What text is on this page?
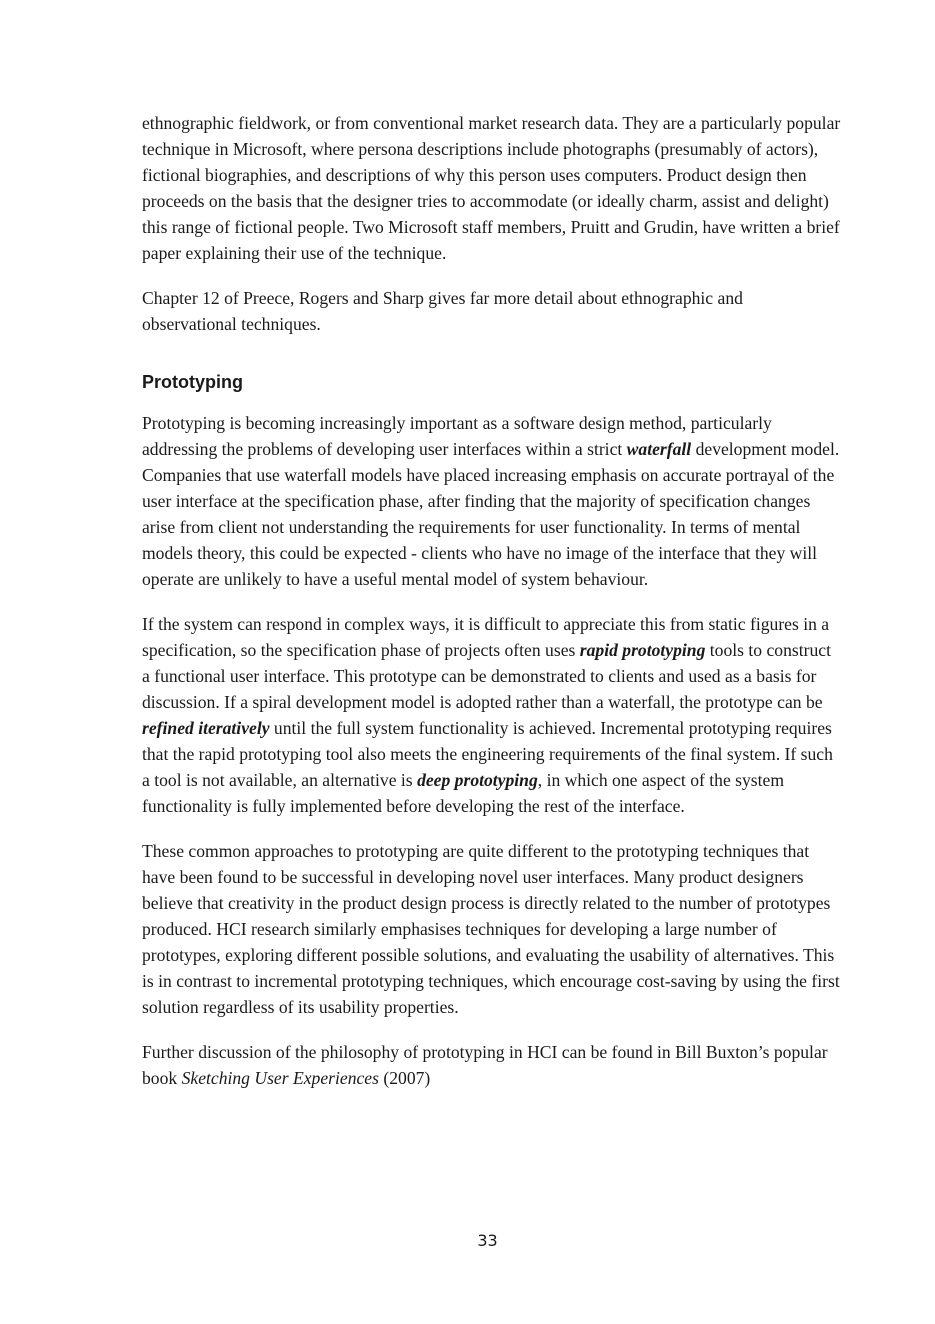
ethnographic fieldwork, or from conventional market research data. They are a particularly popular technique in Microsoft, where persona descriptions include photographs (presumably of actors), fictional biographies, and descriptions of why this person uses computers. Product design then proceeds on the basis that the designer tries to accommodate (or ideally charm, assist and delight) this range of fictional people. Two Microsoft staff members, Pruitt and Grudin, have written a brief paper explaining their use of the technique.

Chapter 12 of Preece, Rogers and Sharp gives far more detail about ethnographic and observational techniques.

Prototyping

Prototyping is becoming increasingly important as a software design method, particularly addressing the problems of developing user interfaces within a strict waterfall development model. Companies that use waterfall models have placed increasing emphasis on accurate portrayal of the user interface at the specification phase, after finding that the majority of specification changes arise from client not understanding the requirements for user functionality. In terms of mental models theory, this could be expected - clients who have no image of the interface that they will operate are unlikely to have a useful mental model of system behaviour.

If the system can respond in complex ways, it is difficult to appreciate this from static figures in a specification, so the specification phase of projects often uses rapid prototyping tools to construct a functional user interface. This prototype can be demonstrated to clients and used as a basis for discussion. If a spiral development model is adopted rather than a waterfall, the prototype can be refined iteratively until the full system functionality is achieved. Incremental prototyping requires that the rapid prototyping tool also meets the engineering requirements of the final system. If such a tool is not available, an alternative is deep prototyping, in which one aspect of the system functionality is fully implemented before developing the rest of the interface.

These common approaches to prototyping are quite different to the prototyping techniques that have been found to be successful in developing novel user interfaces. Many product designers believe that creativity in the product design process is directly related to the number of prototypes produced. HCI research similarly emphasises techniques for developing a large number of prototypes, exploring different possible solutions, and evaluating the usability of alternatives. This is in contrast to incremental prototyping techniques, which encourage cost-saving by using the first solution regardless of its usability properties.

Further discussion of the philosophy of prototyping in HCI can be found in Bill Buxton’s popular book Sketching User Experiences (2007)

33
